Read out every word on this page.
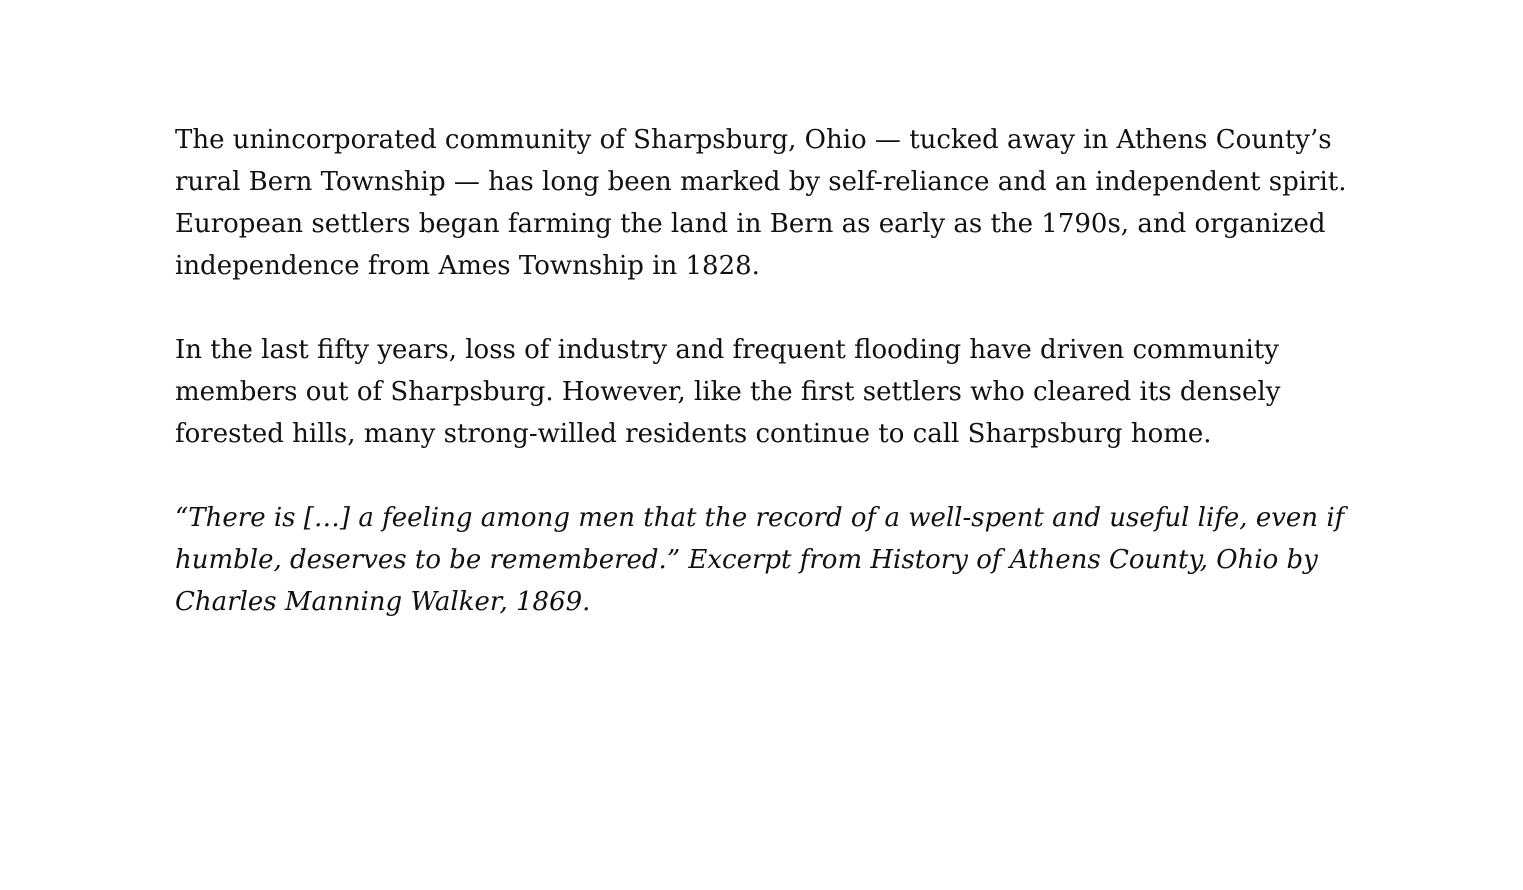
The unincorporated community of Sharpsburg, Ohio — tucked away in Athens County’s rural Bern Township — has long been marked by self-reliance and an independent spirit. European settlers began farming the land in Bern as early as the 1790s, and organized independence from Ames Township in 1828.

In the last fifty years, loss of industry and frequent flooding have driven community members out of Sharpsburg. However, like the first settlers who cleared its densely forested hills, many strong-willed residents continue to call Sharpsburg home.

“There is […] a feeling among men that the record of a well-spent and useful life, even if humble, deserves to be remembered.” Excerpt from History of Athens County, Ohio by Charles Manning Walker, 1869.
